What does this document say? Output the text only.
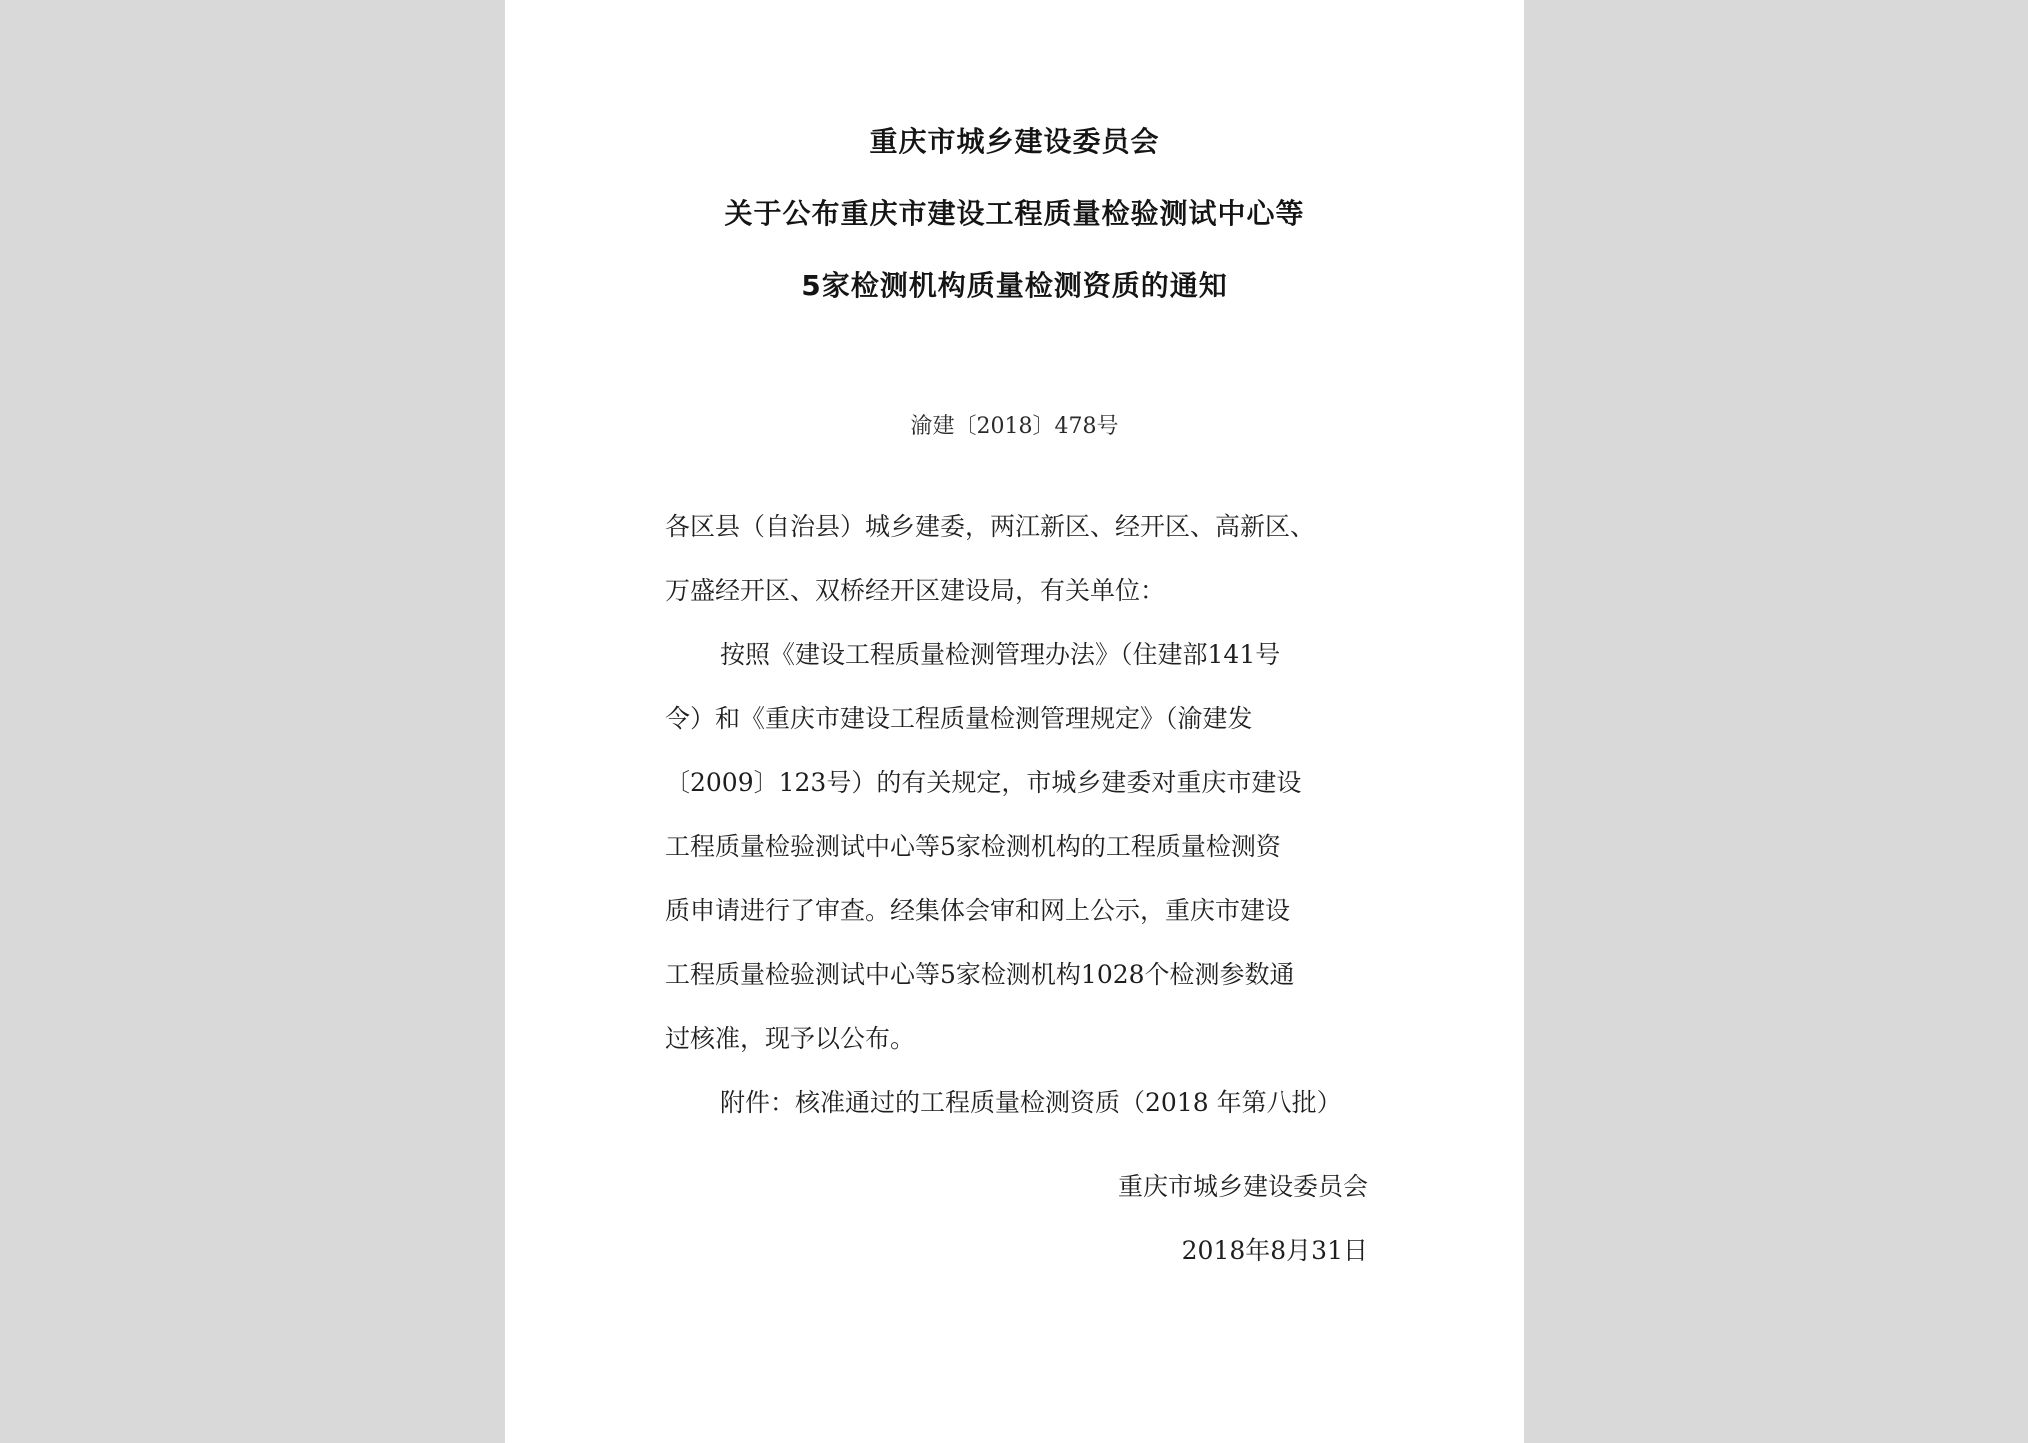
重庆市城乡建设委员会
关于公布重庆市建设工程质量检验测试中心等
5家检测机构质量检测资质的通知
渝建〔2018〕478号
各区县（自治县）城乡建委，两江新区、经开区、高新区、
万盛经开区、双桥经开区建设局，有关单位：
按照《建设工程质量检测管理办法》（住建部141号
令）和《重庆市建设工程质量检测管理规定》（渝建发
〔2009〕123号）的有关规定，市城乡建委对重庆市建设
工程质量检验测试中心等5家检测机构的工程质量检测资
质申请进行了审查。经集体会审和网上公示，重庆市建设
工程质量检验测试中心等5家检测机构1028个检测参数通
过核准，现予以公布。
附件：核准通过的工程质量检测资质（2018 年第八批）
重庆市城乡建设委员会
2018年8月31日
